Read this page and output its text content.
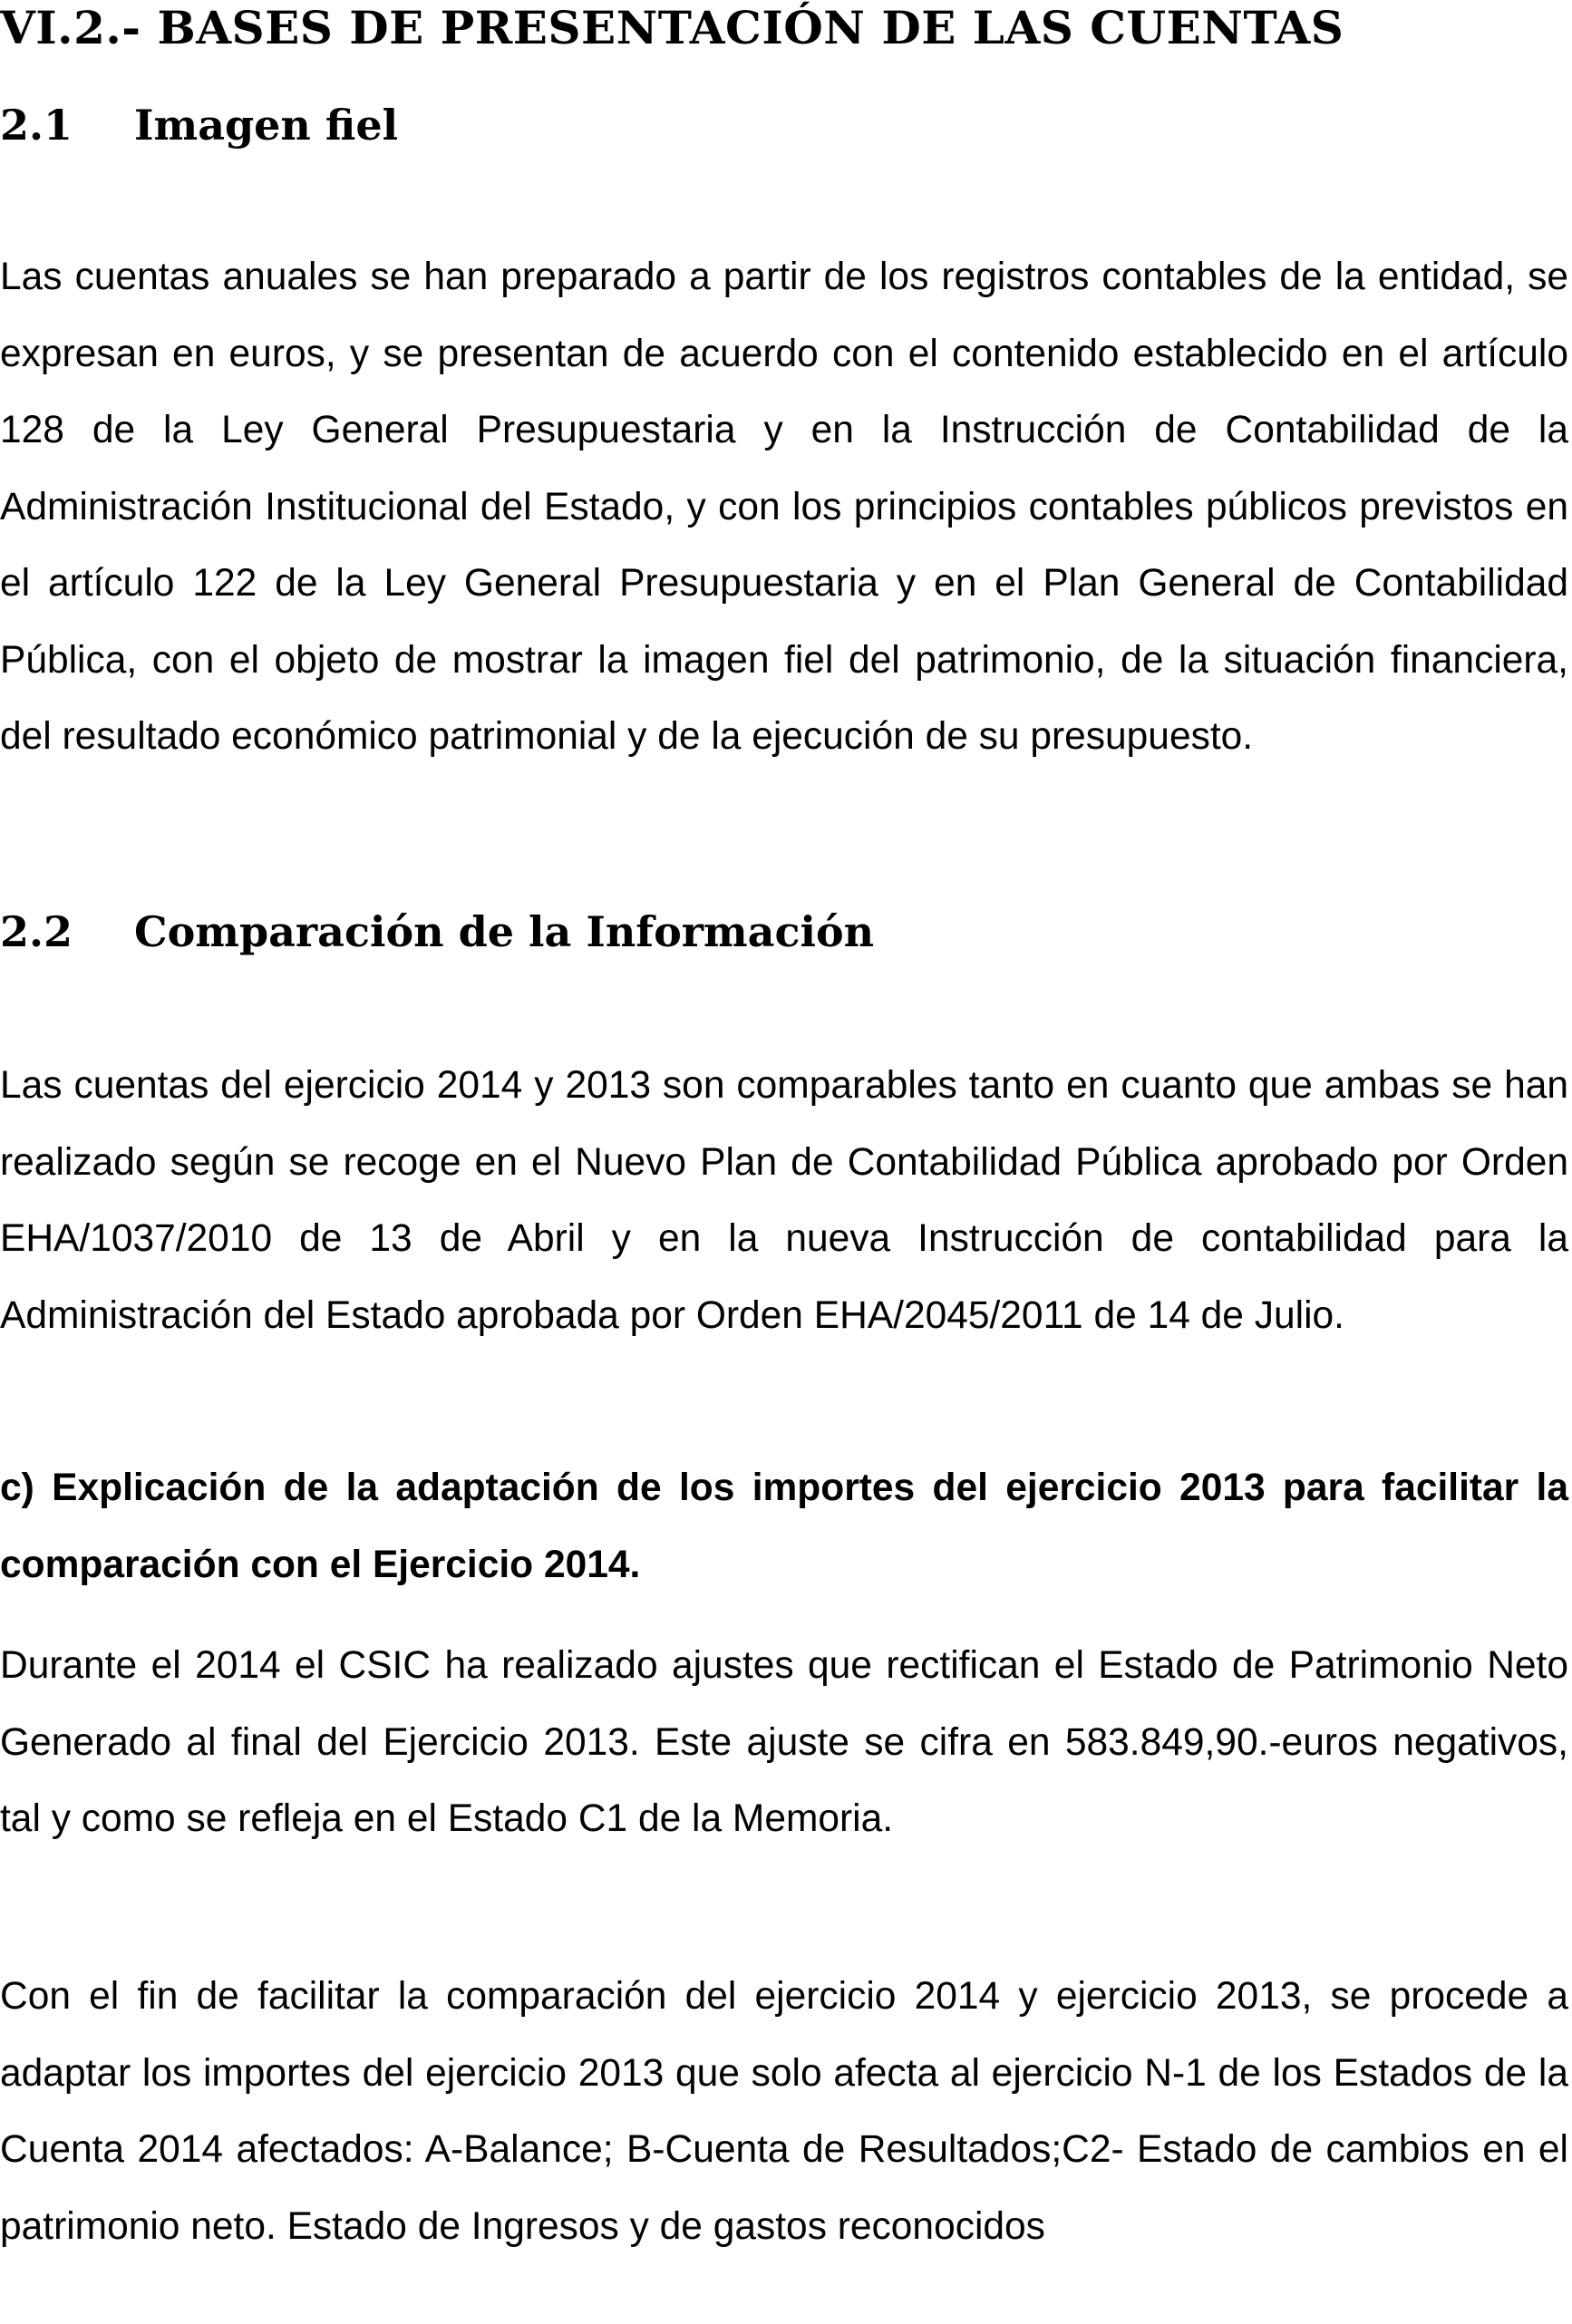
VI.2.- BASES DE PRESENTACIÓN DE LAS CUENTAS
2.1 Imagen fiel

Las cuentas anuales se han preparado a partir de los registros contables de la entidad, se expresan en euros, y se presentan de acuerdo con el contenido establecido en el artículo 128 de la Ley General Presupuestaria y en la Instrucción de Contabilidad de la Administración Institucional del Estado, y con los principios contables públicos previstos en el artículo 122 de la Ley General Presupuestaria y en el Plan General de Contabilidad Pública, con el objeto de mostrar la imagen fiel del patrimonio, de la situación financiera, del resultado económico patrimonial y de la ejecución de su presupuesto.

2.2 Comparación de la Información

Las cuentas del ejercicio 2014 y 2013 son comparables tanto en cuanto que ambas se han realizado según se recoge en el Nuevo Plan de Contabilidad Pública aprobado por Orden EHA/1037/2010 de 13 de Abril y en la nueva Instrucción de contabilidad para la Administración del Estado aprobada por Orden EHA/2045/2011 de 14 de Julio.

c) Explicación de la adaptación de los importes del ejercicio 2013 para facilitar la comparación con el Ejercicio 2014.

Durante el 2014 el CSIC ha realizado ajustes que rectifican el Estado de Patrimonio Neto Generado al final del Ejercicio 2013. Este ajuste se cifra en 583.849,90.-euros negativos, tal y como se refleja en el Estado C1 de la Memoria.

Con el fin de facilitar la comparación del ejercicio 2014 y ejercicio 2013, se procede a adaptar los importes del ejercicio 2013 que solo afecta al ejercicio N-1 de los Estados de la Cuenta 2014 afectados: A-Balance; B-Cuenta de Resultados;C2- Estado de cambios en el patrimonio neto. Estado de Ingresos y de gastos reconocidos
